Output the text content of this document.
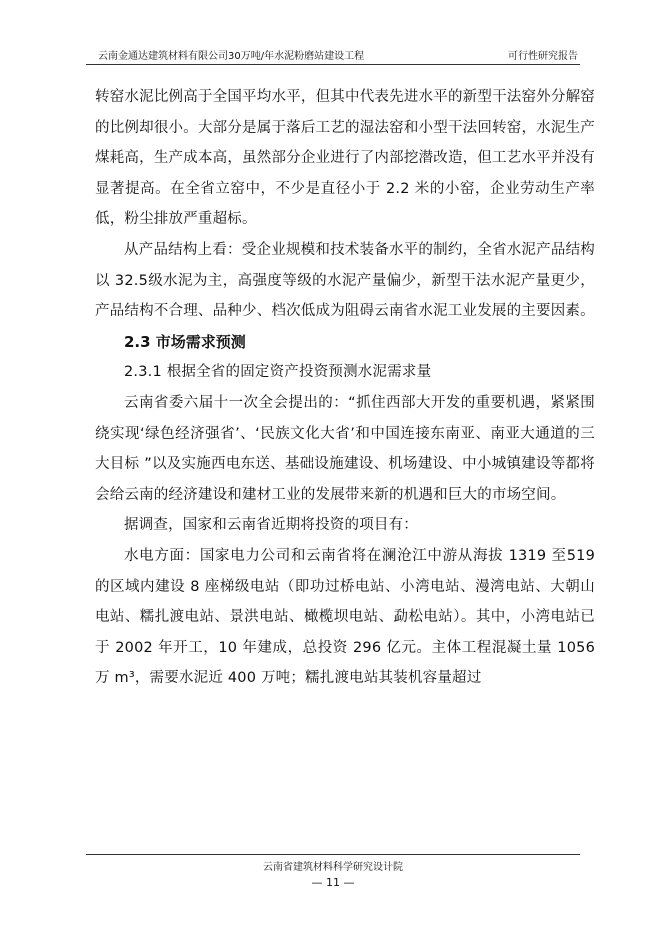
云南金通达建筑材料有限公司30万吨/年水泥粉磨站建设工程	可行性研究报告

转窑水泥比例高于全国平均水平，但其中代表先进水平的新型干法窑外分解窑的比例却很小。大部分是属于落后工艺的湿法窑和小型干法回转窑，水泥生产煤耗高，生产成本高，虽然部分企业进行了内部挖潜改造，但工艺水平并没有显著提高。在全省立窑中，不少是直径小于 2.2 米的小窑，企业劳动生产率低，粉尘排放严重超标。

从产品结构上看：受企业规模和技术装备水平的制约，全省水泥产品结构以 32.5级水泥为主，高强度等级的水泥产量偏少，新型干法水泥产量更少，产品结构不合理、品种少、档次低成为阻碍云南省水泥工业发展的主要因素。

2.3 市场需求预测

2.3.1 根据全省的固定资产投资预测水泥需求量

云南省委六届十一次全会提出的：“抓住西部大开发的重要机遇，紧紧围绕实现‘绿色经济强省’、‘民族文化大省’和中国连接东南亚、南亚大通道的三大目标 ”以及实施西电东送、基础设施建设、机场建设、中小城镇建设等都将会给云南的经济建设和建材工业的发展带来新的机遇和巨大的市场空间。

据调查，国家和云南省近期将投资的项目有：

水电方面：国家电力公司和云南省将在澜沧江中游从海拔 1319 至519 的区域内建设 8 座梯级电站（即功过桥电站、小湾电站、漫湾电站、大朝山电站、糯扎渡电站、景洪电站、橄榄坝电站、勐松电站）。其中，小湾电站已于 2002 年开工，10 年建成，总投资 296 亿元。主体工程混凝土量 1056 万 m³，需要水泥近 400 万吨；糯扎渡电站其装机容量超过

云南省建筑材料科学研究设计院
— 11 —
